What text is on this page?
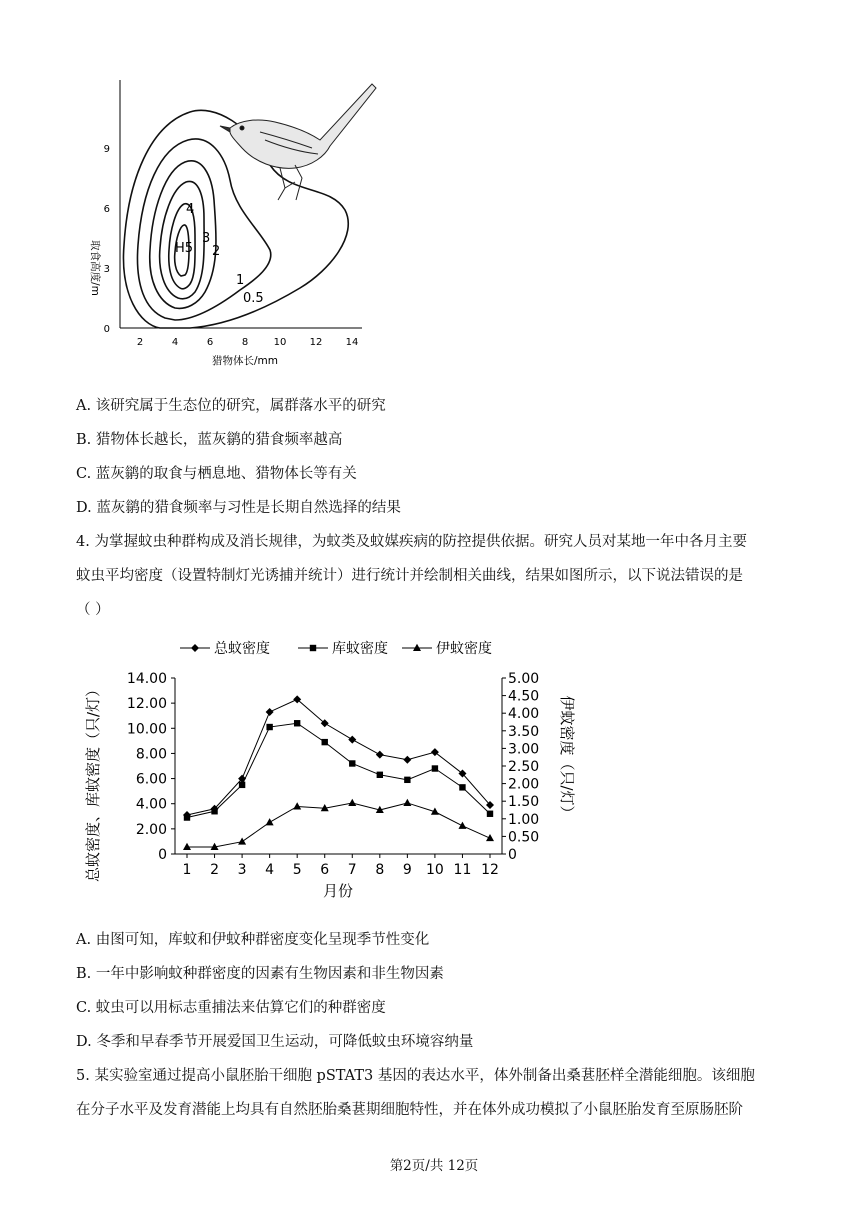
0
3
6
9
2	4	6	8	10 12 14
猎物体长/mm
取食高度/m	H5
4
3
2
1
0.5
A. 该研究属于生态位的研究，属群落水平的研究
B. 猎物体长越长，蓝灰鹟的猎食频率越高
C. 蓝灰鹟的取食与栖息地、猎物体长等有关
D. 蓝灰鹟的猎食频率与习性是长期自然选择的结果
4. 为掌握蚊虫种群构成及消长规律，为蚊类及蚊媒疾病的防控提供依据。研究人员对某地一年中各月主要
蚊虫平均密度（设置特制灯光诱捕并统计）进行统计并绘制相关曲线，结果如图所示，以下说法错误的是
（ ）
总蚊密度	库蚊密度	伊蚊密度
0
2.00
4.00
6.00
8.00
10.00
12.00
14.00
0
0.50
1.00
1.50
2.00
2.50
3.00
3.50
4.00
4.50
5.00
1 2 3 4 5 6 7 8 9 10 11 12
总蚊密度、库蚊密度（只/灯）	伊蚊密度（只/灯）
月份
A. 由图可知，库蚊和伊蚊种群密度变化呈现季节性变化
B. 一年中影响蚊种群密度的因素有生物因素和非生物因素
C. 蚊虫可以用标志重捕法来估算它们的种群密度
D. 冬季和早春季节开展爱国卫生运动，可降低蚊虫环境容纳量
5. 某实验室通过提高小鼠胚胎干细胞 pSTAT3 基因的表达水平，体外制备出桑葚胚样全潜能细胞。该细胞
在分子水平及发育潜能上均具有自然胚胎桑葚期细胞特性，并在体外成功模拟了小鼠胚胎发育至原肠胚阶
第2页/共 12页
